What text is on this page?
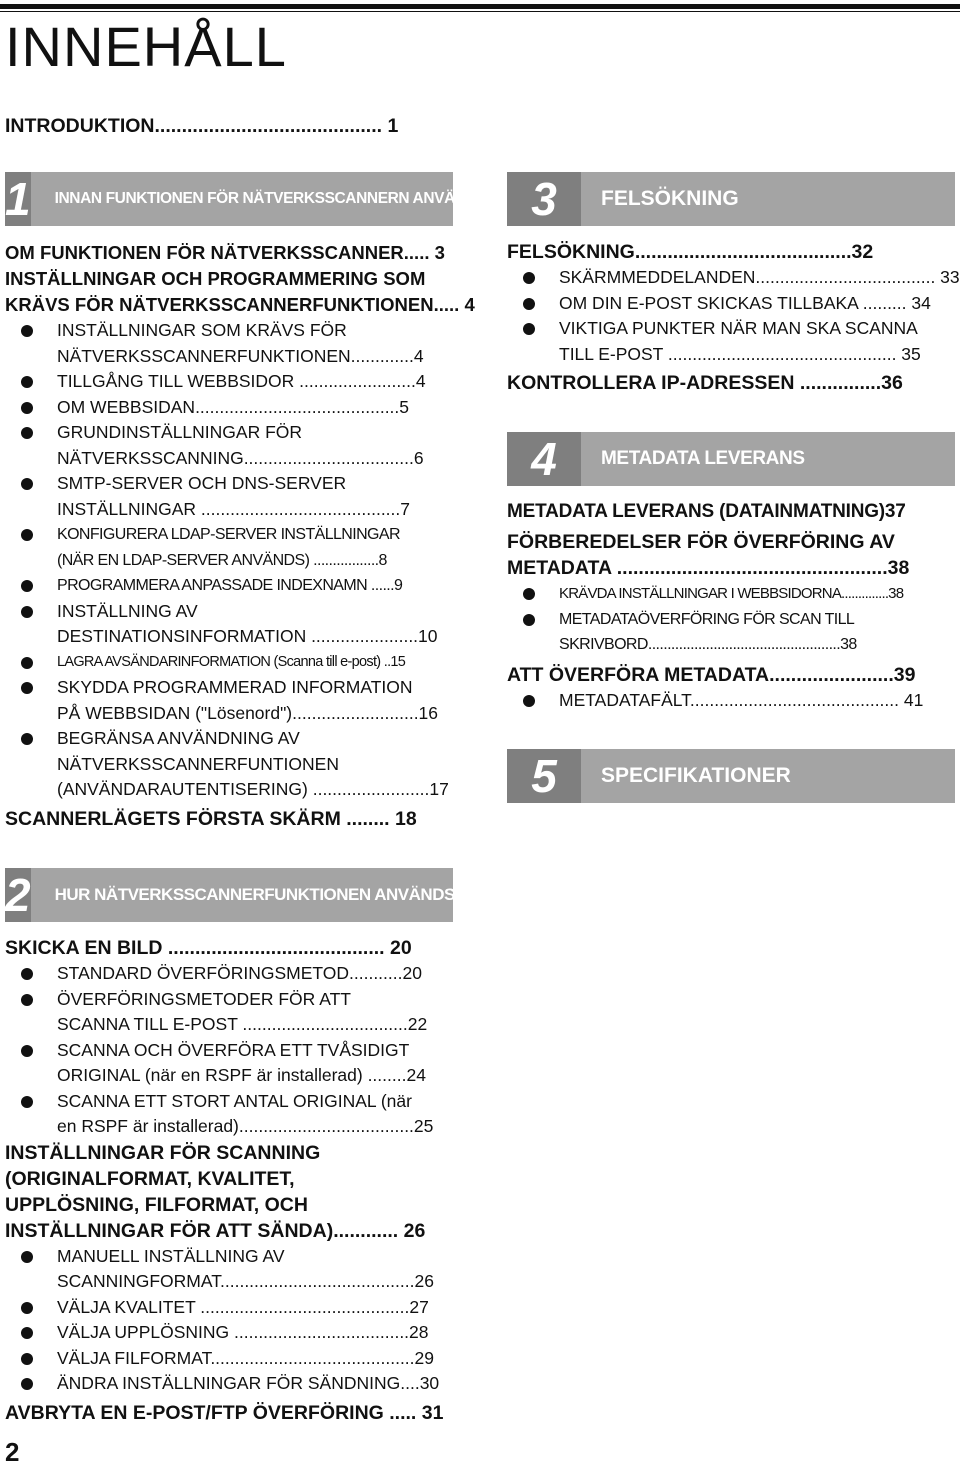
INNEHÅLL
INTRODUKTION.......................................... 1
1	INNAN FUNKTIONEN FÖR NÄTVERKSSCANNERN ANVÄNDS
OM FUNKTIONEN FÖR NÄTVERKSSCANNER..... 3
INSTÄLLNINGAR OCH PROGRAMMERING SOM
KRÄVS FÖR NÄTVERKSSCANNERFUNKTIONEN..... 4
INSTÄLLNINGAR SOM KRÄVS FÖR
NÄTVERKSSCANNERFUNKTIONEN.............4
TILLGÅNG TILL WEBBSIDOR ........................4
OM WEBBSIDAN..........................................5
GRUNDINSTÄLLNINGAR FÖR
NÄTVERKSSCANNING...................................6
SMTP-SERVER OCH DNS-SERVER
INSTÄLLNINGAR .........................................7
KONFIGURERA LDAP-SERVER INSTÄLLNINGAR
(NÄR EN LDAP-SERVER ANVÄNDS) .................8
PROGRAMMERA ANPASSADE INDEXNAMN ......9
INSTÄLLNING AV
DESTINATIONSINFORMATION ......................10
LAGRA AVSÄNDARINFORMATION (Scanna till e-post) ..15
SKYDDA PROGRAMMERAD INFORMATION
PÅ WEBBSIDAN ("Lösenord")..........................16
BEGRÄNSA ANVÄNDNING AV
NÄTVERKSSCANNERFUNTIONEN
(ANVÄNDARAUTENTISERING) ........................17
SCANNERLÄGETS FÖRSTA SKÄRM ........ 18
2	HUR NÄTVERKSSCANNERFUNKTIONEN ANVÄNDS
SKICKA EN BILD ........................................ 20
STANDARD ÖVERFÖRINGSMETOD...........20
ÖVERFÖRINGSMETODER FÖR ATT
SCANNA TILL E-POST ..................................22
SCANNA OCH ÖVERFÖRA ETT TVÅSIDIGT
ORIGINAL (när en RSPF är installerad) ........24
SCANNA ETT STORT ANTAL ORIGINAL (när
en RSPF är installerad)....................................25
INSTÄLLNINGAR FÖR SCANNING
(ORIGINALFORMAT, KVALITET,
UPPLÖSNING, FILFORMAT, OCH
INSTÄLLNINGAR FÖR ATT SÄNDA)............ 26
MANUELL INSTÄLLNING AV
SCANNINGFORMAT........................................26
VÄLJA KVALITET ...........................................27
VÄLJA UPPLÖSNING ....................................28
VÄLJA FILFORMAT..........................................29
ÄNDRA INSTÄLLNINGAR FÖR SÄNDNING....30
AVBRYTA EN E-POST/FTP ÖVERFÖRING ..... 31
2
3	FELSÖKNING
FELSÖKNING........................................32
SKÄRMMEDDELANDEN..................................... 33
OM DIN E-POST SKICKAS TILLBAKA ......... 34
VIKTIGA PUNKTER NÄR MAN SKA SCANNA
TILL E-POST ............................................... 35
KONTROLLERA IP-ADRESSEN ...............36
4	METADATA LEVERANS
METADATA LEVERANS (DATAINMATNING)37
FÖRBEREDELSER FÖR ÖVERFÖRING AV
METADATA ..................................................38
KRÄVDA INSTÄLLNINGAR I WEBBSIDORNA..............38
METADATAÖVERFÖRING FÖR SCAN TILL
SKRIVBORD..................................................38
ATT ÖVERFÖRA METADATA.......................39
METADATAFÄLT........................................... 41
5	SPECIFIKATIONER
